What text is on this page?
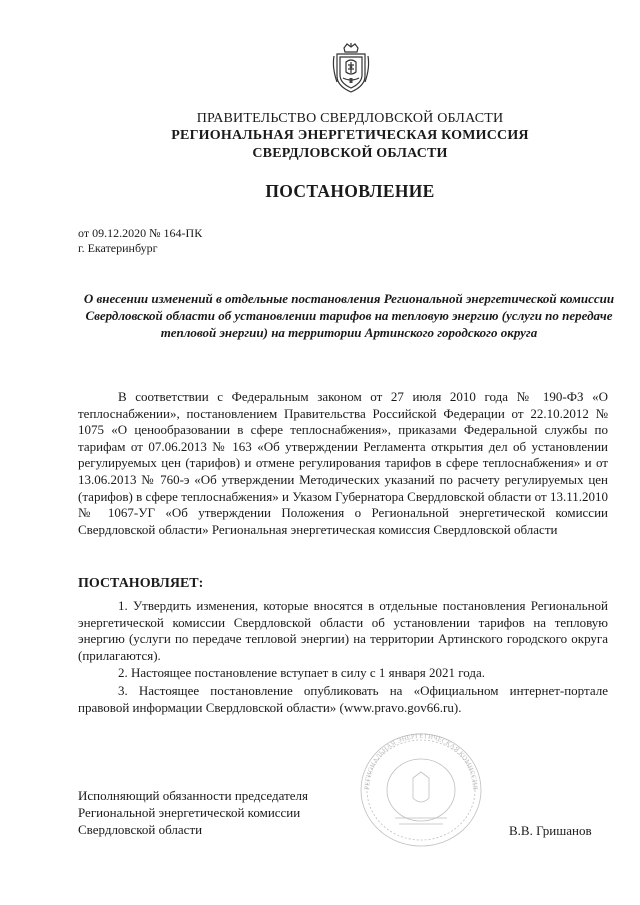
ПРАВИТЕЛЬСТВО СВЕРДЛОВСКОЙ ОБЛАСТИ
РЕГИОНАЛЬНАЯ ЭНЕРГЕТИЧЕСКАЯ КОМИССИЯ
СВЕРДЛОВСКОЙ ОБЛАСТИ
ПОСТАНОВЛЕНИЕ
от 09.12.2020 № 164-ПК
г. Екатеринбург
О внесении изменений в отдельные постановления Региональной энергетической комиссии Свердловской области об установлении тарифов на тепловую энергию (услуги по передаче тепловой энергии) на территории Артинского городского округа
В соответствии с Федеральным законом от 27 июля 2010 года № 190-ФЗ «О теплоснабжении», постановлением Правительства Российской Федерации от 22.10.2012 № 1075 «О ценообразовании в сфере теплоснабжения», приказами Федеральной службы по тарифам от 07.06.2013 № 163 «Об утверждении Регламента открытия дел об установлении регулируемых цен (тарифов) и отмене регулирования тарифов в сфере теплоснабжения» и от 13.06.2013 № 760-э «Об утверждении Методических указаний по расчету регулируемых цен (тарифов) в сфере теплоснабжения» и Указом Губернатора Свердловской области от 13.11.2010 № 1067-УГ «Об утверждении Положения о Региональной энергетической комиссии Свердловской области» Региональная энергетическая комиссия Свердловской области
ПОСТАНОВЛЯЕТ:
1. Утвердить изменения, которые вносятся в отдельные постановления Региональной энергетической комиссии Свердловской области об установлении тарифов на тепловую энергию (услуги по передаче тепловой энергии) на территории Артинского городского округа (прилагаются).
2. Настоящее постановление вступает в силу с 1 января 2021 года.
3. Настоящее постановление опубликовать на «Официальном интернет-портале правовой информации Свердловской области» (www.pravo.gov66.ru).
РЕГИОНАЛЬНАЯ ЭНЕРГЕТИЧЕСКАЯ КОМИССИЯ
Исполняющий обязанности председателя
Региональной энергетической комиссии
Свердловской области	В.В. Гришанов
